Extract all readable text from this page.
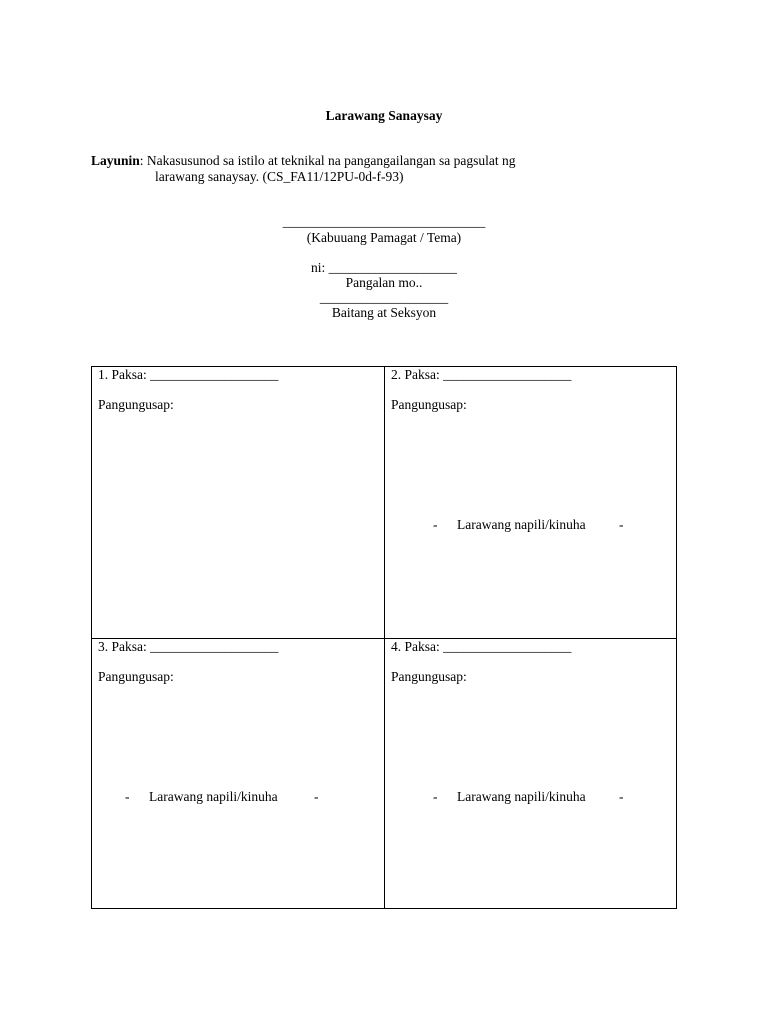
Larawang Sanaysay
Layunin: Nakasusunod sa istilo at teknikal na pangangailangan sa pagsulat ng
larawang sanaysay. (CS_FA11/12PU-0d-f-93)
______________________________
(Kabuuang Pamagat / Tema)
ni: ___________________
Pangalan mo..
___________________
Baitang at Seksyon
1. Paksa: ___________________
Pangungusap:
2. Paksa: ___________________
Pangungusap:
- Larawang napili/kinuha -
3. Paksa: ___________________
Pangungusap:
- Larawang napili/kinuha	-
4. Paksa: ___________________
Pangungusap:
- Larawang napili/kinuha -
